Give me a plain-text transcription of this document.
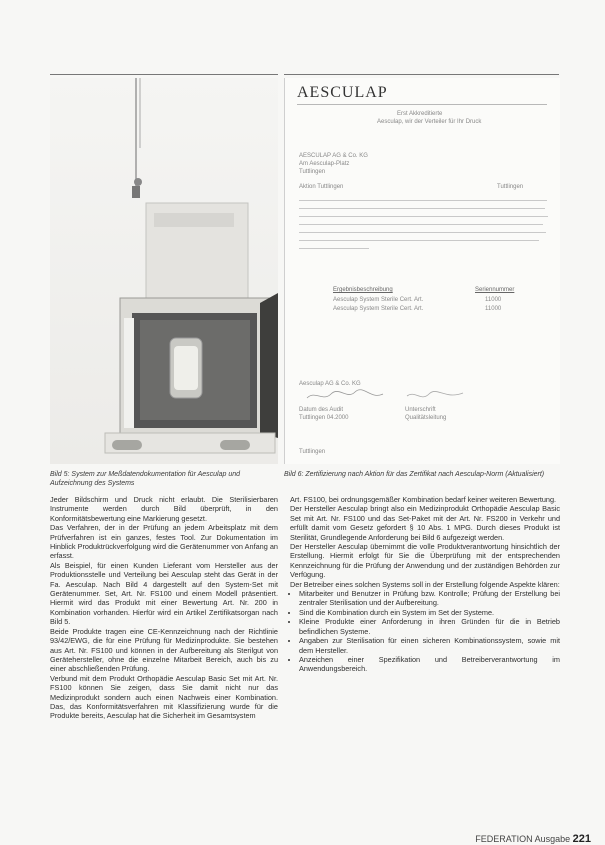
AESCULAP
Erst Akkreditierte
Aesculap, wir der Verteiler für Ihr Druck
AESCULAP AG & Co. KG
Am Aesculap-Platz
Tuttlingen
Aktion Tuttlingen	Tuttlingen
Ergebnisbeschreibung	Seriennummer
Aesculap System Sterile Cert. Art.	11000
Aesculap System Sterile Cert. Art.	11000
Aesculap AG & Co. KG
Datum des Audit
Tuttlingen 04.2000
Unterschrift
Qualitätsleitung
Tuttlingen
Bild 5: System zur Meßdatendokumentation für Aesculap und Aufzeichnung des Systems
Bild 6: Zertifizierung nach Aktion für das Zertifikat nach Aesculap-Norm (Aktualisiert)

Jeder Bildschirm und Druck nicht erlaubt. Die Sterilisierbaren Instrumente werden durch Bild überprüft, in den Konformitätsbewertung eine Markierung gesetzt.

Das Verfahren, der in der Prüfung an jedem Arbeitsplatz mit dem Prüfverfahren ist ein ganzes, festes Tool. Zur Dokumentation im Hinblick Produktrückverfolgung wird die Gerätenummer von Anfang an erfasst.

Als Beispiel, für einen Kunden Lieferant vom Hersteller aus der Produktionsstelle und Verteilung bei Aesculap steht das Gerät in der Fa. Aesculap. Nach Bild 4 dargestellt auf den System-Set mit Gerätenummer. Set, Art. Nr. FS100 und einem Modell präsentiert. Hiermit wird das Produkt mit einer Bewertung Art. Nr. 200 in Kombination vorhanden. Hierfür wird ein Artikel Zertifikatsorgan nach Bild 5.

Beide Produkte tragen eine CE-Kennzeichnung nach der Richtlinie 93/42/EWG, die für eine Prüfung für Medizinprodukte. Sie bestehen aus Art. Nr. FS100 und können in der Aufbereitung als Sterilgut von Gerätehersteller, ohne die einzelne Mitarbeit Bereich, auch bis zu einer abschließenden Prüfung.

Verbund mit dem Produkt Orthopädie Aesculap Basic Set mit Art. Nr. FS100 können Sie zeigen, dass Sie damit nicht nur das Medizinprodukt sondern auch einen Nachweis einer Kombination. Das, das Konformitätsverfahren mit Klassifizierung wurde für die Produkte bereits, Aesculap hat die Sicherheit im Gesamtsystem

Art. FS100, bei ordnungsgemäßer Kombination bedarf keiner weiteren Bewertung.

Der Hersteller Aesculap bringt also ein Medizinprodukt Orthopädie Aesculap Basic Set mit Art. Nr. FS100 und das Set-Paket mit der Art. Nr. FS200 in Verkehr und erfüllt damit vom Gesetz gefordert § 10 Abs. 1 MPG. Durch dieses Produkt ist Sterilität, Grundlegende Anforderung bei Bild 6 aufgezeigt werden.

Der Hersteller Aesculap übernimmt die volle Produktverantwortung hinsichtlich der Erstellung. Hiermit erfolgt für Sie die Überprüfung mit der entsprechenden Kennzeichnung für die Prüfung der Anwendung und der zuständigen Behörden zur Verfügung.

Der Betreiber eines solchen Systems soll in der Erstellung folgende Aspekte klären:

• Mitarbeiter und Benutzer in Prüfung bzw. Kontrolle; Prüfung der Erstellung bei zentraler Sterilisation und der Aufbereitung.
• Sind die Kombination durch ein System im Set der Systeme.
• Kleine Produkte einer Anforderung in ihren Gründen für die in Betrieb befindlichen Systeme.
• Angaben zur Sterilisation für einen sicheren Kombinationssystem, sowie mit dem Hersteller.
• Anzeichen einer Spezifikation und Betreiberverantwortung im Anwendungsbereich.
FEDERATION Ausgabe 221
